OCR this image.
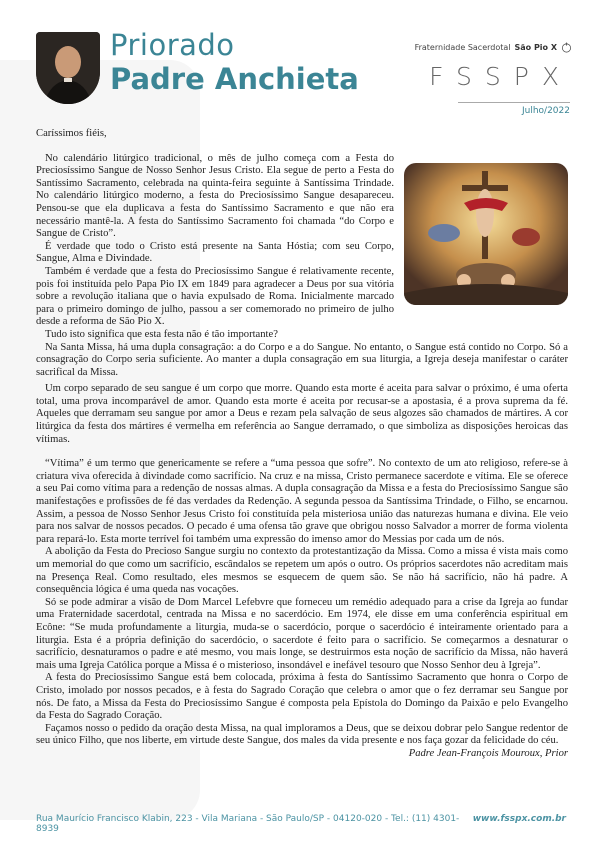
Priorado
Padre Anchieta
Fraternidade Sacerdotal São Pio X
FSSPX
Julho/2022

Caríssimos fiéis,

No calendário litúrgico tradicional, o mês de julho começa com a Festa do Preciosíssimo Sangue de Nosso Senhor Jesus Cristo. Ela segue de perto a Festa do Santíssimo Sacramento, celebrada na quinta-feira seguinte à Santíssima Trindade. No calendário litúrgico moderno, a festa do Preciosíssimo Sangue desapareceu. Pensou-se que ela duplicava a festa do Santíssimo Sacramento e que não era necessário mantê-la. A festa do Santíssimo Sacramento foi chamada “do Corpo e Sangue de Cristo”.

É verdade que todo o Cristo está presente na Santa Hóstia; com seu Corpo, Sangue, Alma e Divindade.

Também é verdade que a festa do Preciosíssimo Sangue é relativamente recente, pois foi instituída pelo Papa Pio IX em 1849 para agradecer a Deus por sua vitória sobre a revolução italiana que o havia expulsado de Roma. Inicialmente marcado para o primeiro domingo de julho, passou a ser comemorado no primeiro de julho desde a reforma de São Pio X.

Tudo isto significa que esta festa não é tão importante?

Na Santa Missa, há uma dupla consagração: a do Corpo e a do Sangue. No entanto, o Sangue está contido no Corpo. Só a consagração do Corpo seria suficiente. Ao manter a dupla consagração em sua liturgia, a Igreja deseja manifestar o caráter sacrifical da Missa.

Um corpo separado de seu sangue é um corpo que morre. Quando esta morte é aceita para salvar o próximo, é uma oferta total, uma prova incomparável de amor. Quando esta morte é aceita por recusar-se a apostasia, é a prova suprema da fé. Aqueles que derramam seu sangue por amor a Deus e rezam pela salvação de seus algozes são chamados de mártires. A cor litúrgica da festa dos mártires é vermelha em referência ao Sangue derramado, o que simboliza as disposições heroicas das vítimas.

“Vítima” é um termo que genericamente se refere a “uma pessoa que sofre”. No contexto de um ato religioso, refere-se à criatura viva oferecida à divindade como sacrifício. Na cruz e na missa, Cristo permanece sacerdote e vítima. Ele se oferece a seu Pai como vítima para a redenção de nossas almas. A dupla consagração da Missa e a festa do Preciosíssimo Sangue são manifestações e profissões de fé das verdades da Redenção. A segunda pessoa da Santíssima Trindade, o Filho, se encarnou. Assim, a pessoa de Nosso Senhor Jesus Cristo foi constituída pela misteriosa união das naturezas humana e divina. Ele veio para nos salvar de nossos pecados. O pecado é uma ofensa tão grave que obrigou nosso Salvador a morrer de forma violenta para repará-lo. Esta morte terrível foi também uma expressão do imenso amor do Messias por cada um de nós.

A abolição da Festa do Precioso Sangue surgiu no contexto da protestantização da Missa. Como a missa é vista mais como um memorial do que como um sacrifício, escândalos se repetem um após o outro. Os próprios sacerdotes não acreditam mais na Presença Real. Como resultado, eles mesmos se esquecem de quem são. Se não há sacrifício, não há padre. A consequência lógica é uma queda nas vocações.

Só se pode admirar a visão de Dom Marcel Lefebvre que forneceu um remédio adequado para a crise da Igreja ao fundar uma Fraternidade sacerdotal, centrada na Missa e no sacerdócio. Em 1974, ele disse em uma conferência espiritual em Ecône: “Se muda profundamente a liturgia, muda-se o sacerdócio, porque o sacerdócio é inteiramente orientado para a liturgia. Esta é a própria definição do sacerdócio, o sacerdote é feito para o sacrifício. Se começarmos a desnaturar o sacrifício, desnaturamos o padre e até mesmo, vou mais longe, se destruirmos esta noção de sacrifício da Missa, não haverá mais uma Igreja Católica porque a Missa é o misterioso, insondável e inefável tesouro que Nosso Senhor deu à Igreja”.

A festa do Preciosíssimo Sangue está bem colocada, próxima à festa do Santíssimo Sacramento que honra o Corpo de Cristo, imolado por nossos pecados, e à festa do Sagrado Coração que celebra o amor que o fez derramar seu Sangue por nós. De fato, a Missa da Festa do Preciosíssimo Sangue é composta pela Epístola do Domingo da Paixão e pelo Evangelho da Festa do Sagrado Coração.

Façamos nosso o pedido da oração desta Missa, na qual imploramos a Deus, que se deixou dobrar pelo Sangue redentor de seu único Filho, que nos liberte, em virtude deste Sangue, dos males da vida presente e nos faça gozar da felicidade do céu.

Padre Jean-François Mouroux, Prior

Rua Maurício Francisco Klabin, 223 - Vila Mariana - São Paulo/SP - 04120-020 - Tel.: (11) 4301-8939
www.fsspx.com.br
